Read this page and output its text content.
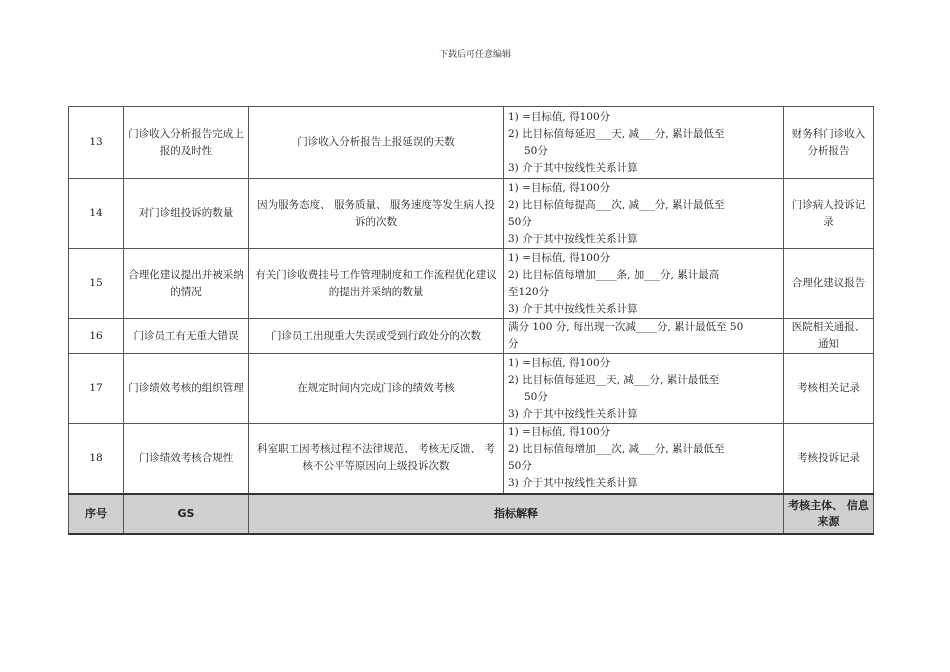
下载后可任意编辑
13	门诊收入分析报告完成上报的及时性	门诊收入分析报告上报延误的天数	1) =目标值, 得100分
2) 比目标值每延迟___天, 减___分, 累计最低至
50分
3) 介于其中按线性关系计算	财务科门诊收入分析报告
14	对门诊组投诉的数量	因为服务态度、 服务质量、 服务速度等发生病人投诉的次数	1) =目标值, 得100分
2) 比目标值每提高___次, 减___分, 累计最低至
50分
3) 介于其中按线性关系计算	门诊病人投诉记录
15	合理化建议提出并被采纳的情况	有关门诊收费挂号工作管理制度和工作流程优化建议的提出并采纳的数量	1) =目标值, 得100分
2) 比目标值每增加____条, 加___分, 累计最高
至120分
3) 介于其中按线性关系计算	合理化建议报告
16	门诊员工有无重大错误	门诊员工出现重大失误或受到行政处分的次数	满分 100 分, 每出现一次减____分, 累计最低至 50
分	医院相关通报、 通知
17	门诊绩效考核的组织管理	在规定时间内完成门诊的绩效考核	1) =目标值, 得100分
2) 比目标值每延迟__天, 减___分, 累计最低至
50分
3) 介于其中按线性关系计算	考核相关记录
18	门诊绩效考核合规性	科室职工因考核过程不法律规范、 考核无反馈、 考核不公平等原因向上级投诉次数	1) =目标值, 得100分
2) 比目标值每增加___次, 减___分, 累计最低至
50分
3) 介于其中按线性关系计算	考核投诉记录
序号	GS	指标解释		考核主体、 信息来源
